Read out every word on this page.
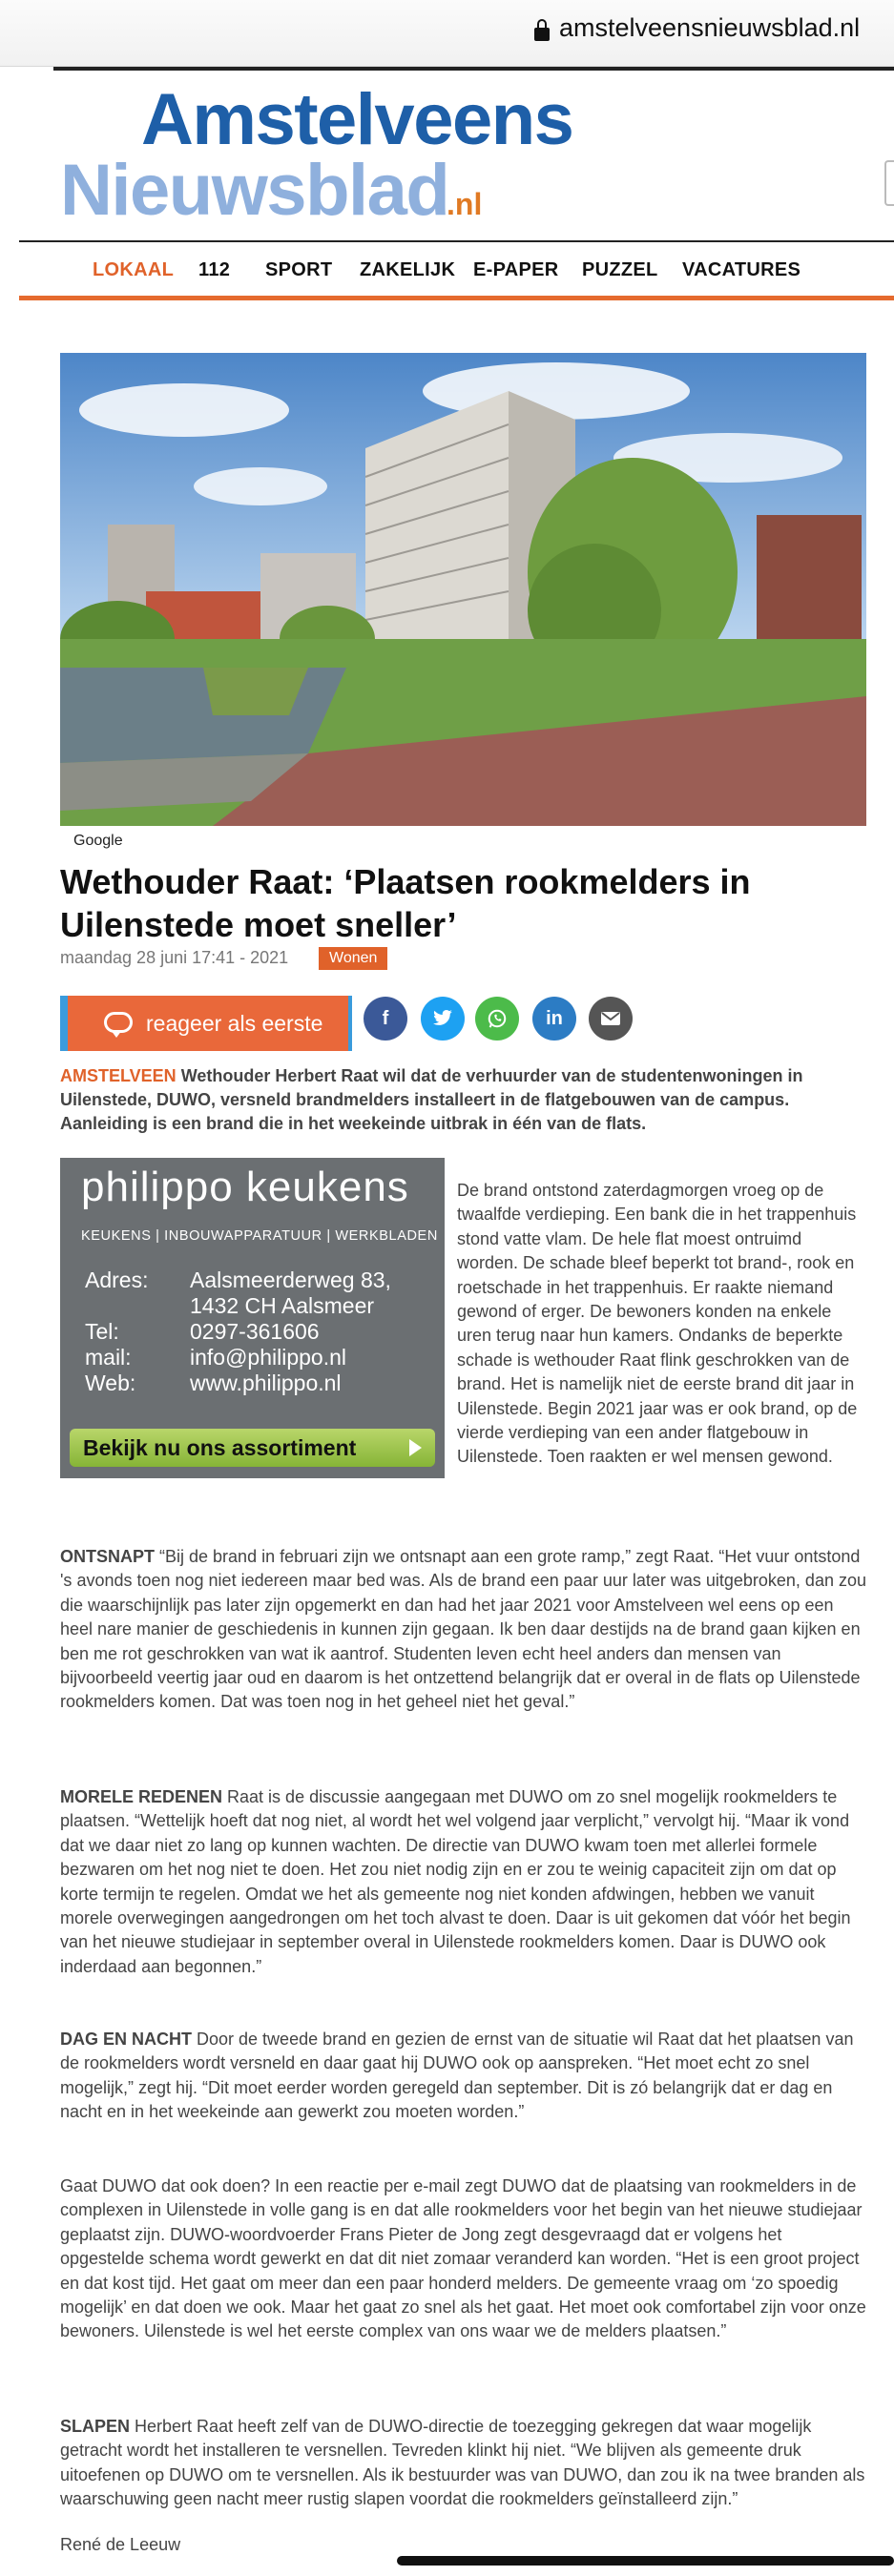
amstelveensnieuwsblad.nl
Amstelveens
Nieuwsblad
.nl
LOKAAL 112 SPORT ZAKELIJK E-PAPER PUZZEL VACATURES
Google
Wethouder Raat: ‘Plaatsen rookmelders in Uilenstede moet sneller’
maandag 28 juni 17:41 - 2021	Wonen
reageer als eerste	f	in

AMSTELVEEN Wethouder Herbert Raat wil dat de verhuurder van de studentenwoningen in Uilenstede, DUWO, versneld brandmelders installeert in de flatgebouwen van de campus. Aanleiding is een brand die in het weekeinde uitbrak in één van de flats.

philippo keukens
KEUKENS | INBOUWAPPARATUUR | WERKBLADEN
Adres: Aalsmeerderweg 83,
1432 CH Aalsmeer
Tel:	0297-361606
mail:	info@philippo.nl
Web: www.philippo.nl
Bekijk nu ons assortiment

De brand ontstond zaterdagmorgen vroeg op de twaalfde verdieping. Een bank die in het trappenhuis stond vatte vlam. De hele flat moest ontruimd worden. De schade bleef beperkt tot brand-, rook en roetschade in het trappenhuis. Er raakte niemand gewond of erger. De bewoners konden na enkele uren terug naar hun kamers. Ondanks de beperkte schade is wethouder Raat flink geschrokken van de brand. Het is namelijk niet de eerste brand dit jaar in Uilenstede. Begin 2021 jaar was er ook brand, op de vierde verdieping van een ander flatgebouw in Uilenstede. Toen raakten er wel mensen gewond.

ONTSNAPT “Bij de brand in februari zijn we ontsnapt aan een grote ramp,” zegt Raat. “Het vuur ontstond 's avonds toen nog niet iedereen maar bed was. Als de brand een paar uur later was uitgebroken, dan zou die waarschijnlijk pas later zijn opgemerkt en dan had het jaar 2021 voor Amstelveen wel eens op een heel nare manier de geschiedenis in kunnen zijn gegaan. Ik ben daar destijds na de brand gaan kijken en ben me rot geschrokken van wat ik aantrof. Studenten leven echt heel anders dan mensen van bijvoorbeeld veertig jaar oud en daarom is het ontzettend belangrijk dat er overal in de flats op Uilenstede rookmelders komen. Dat was toen nog in het geheel niet het geval.”

MORELE REDENEN Raat is de discussie aangegaan met DUWO om zo snel mogelijk rookmelders te plaatsen. “Wettelijk hoeft dat nog niet, al wordt het wel volgend jaar verplicht,” vervolgt hij. “Maar ik vond dat we daar niet zo lang op kunnen wachten. De directie van DUWO kwam toen met allerlei formele bezwaren om het nog niet te doen. Het zou niet nodig zijn en er zou te weinig capaciteit zijn om dat op korte termijn te regelen. Omdat we het als gemeente nog niet konden afdwingen, hebben we vanuit morele overwegingen aangedrongen om het toch alvast te doen. Daar is uit gekomen dat vóór het begin van het nieuwe studiejaar in september overal in Uilenstede rookmelders komen. Daar is DUWO ook inderdaad aan begonnen.”

DAG EN NACHT Door de tweede brand en gezien de ernst van de situatie wil Raat dat het plaatsen van de rookmelders wordt versneld en daar gaat hij DUWO ook op aanspreken. “Het moet echt zo snel mogelijk,” zegt hij. “Dit moet eerder worden geregeld dan september. Dit is zó belangrijk dat er dag en nacht en in het weekeinde aan gewerkt zou moeten worden.”

Gaat DUWO dat ook doen? In een reactie per e-mail zegt DUWO dat de plaatsing van rookmelders in de complexen in Uilenstede in volle gang is en dat alle rookmelders voor het begin van het nieuwe studiejaar geplaatst zijn. DUWO-woordvoerder Frans Pieter de Jong zegt desgevraagd dat er volgens het opgestelde schema wordt gewerkt en dat dit niet zomaar veranderd kan worden. “Het is een groot project en dat kost tijd. Het gaat om meer dan een paar honderd melders. De gemeente vraag om ‘zo spoedig mogelijk’ en dat doen we ook. Maar het gaat zo snel als het gaat. Het moet ook comfortabel zijn voor onze bewoners. Uilenstede is wel het eerste complex van ons waar we de melders plaatsen.”

SLAPEN Herbert Raat heeft zelf van de DUWO-directie de toezegging gekregen dat waar mogelijk getracht wordt het installeren te versnellen. Tevreden klinkt hij niet. “We blijven als gemeente druk uitoefenen op DUWO om te versnellen. Als ik bestuurder was van DUWO, dan zou ik na twee branden als waarschuwing geen nacht meer rustig slapen voordat die rookmelders geïnstalleerd zijn.”

René de Leeuw
